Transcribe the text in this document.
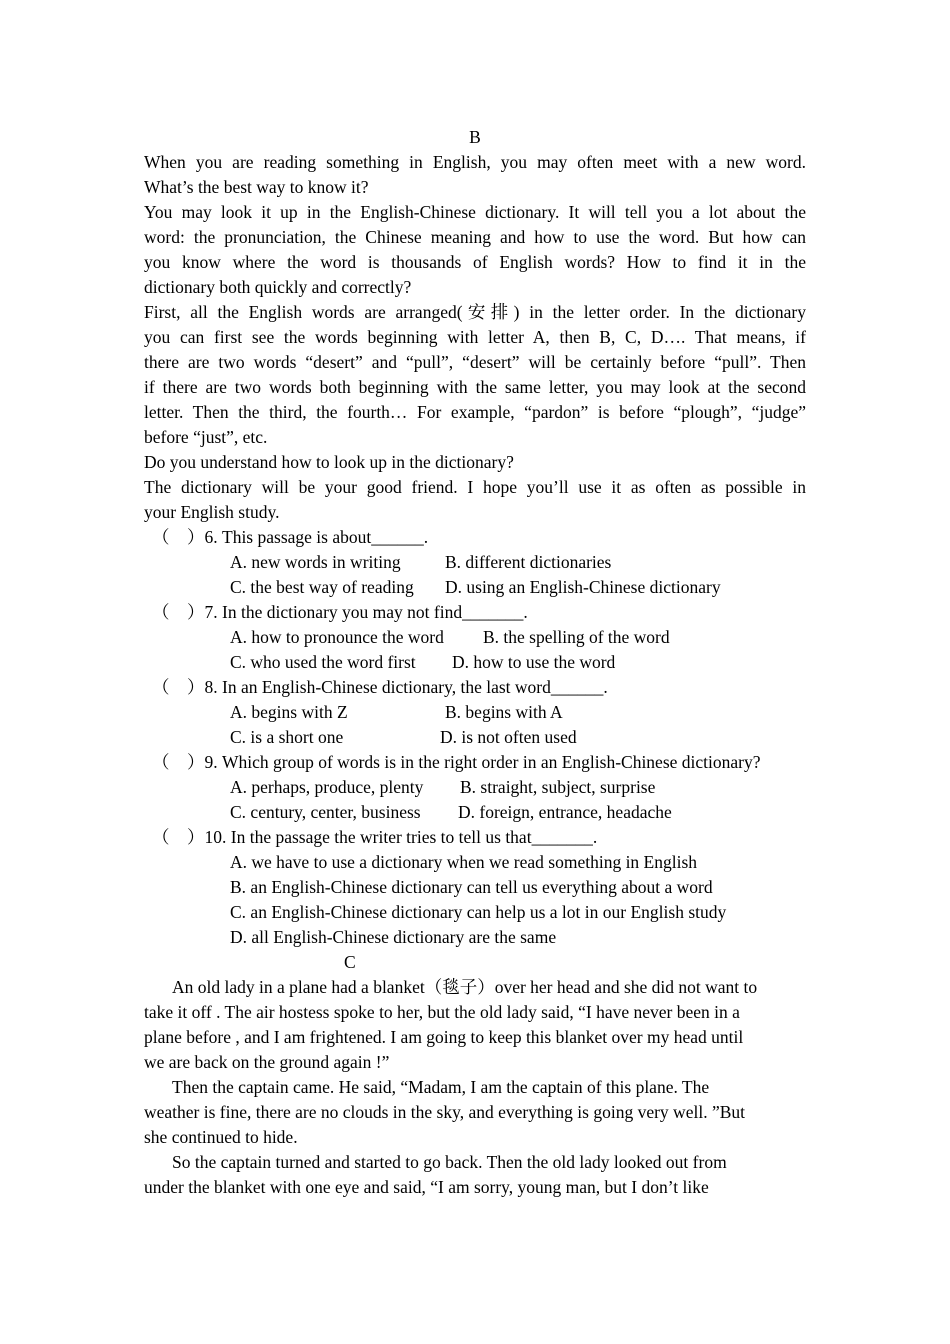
B
When you are reading something in English, you may often meet with a new word.
What’s the best way to know it?
You may look it up in the English-Chinese dictionary. It will tell you a lot about the
word: the pronunciation, the Chinese meaning and how to use the word. But how can
you know where the word is thousands of English words? How to find it in the
dictionary both quickly and correctly?
First, all the English words are arranged(安排) in the letter order. In the dictionary
you can first see the words beginning with letter A, then B, C, D…. That means, if
there are two words “desert” and “pull”, “desert” will be certainly before “pull”. Then
if there are two words both beginning with the same letter, you may look at the second
letter. Then the third, the fourth… For example, “pardon” is before “plough”, “judge”
before “just”, etc.
Do you understand how to look up in the dictionary?
The dictionary will be your good friend. I hope you’ll use it as often as possible in
your English study.
（　）6. This passage is about______.
A. new words in writing	B. different dictionaries
C. the best way of reading D. using an English-Chinese dictionary
（　）7. In the dictionary you may not find_______.
A. how to pronounce the word B. the spelling of the word
C. who used the word first D. how to use the word
（　）8. In an English-Chinese dictionary, the last word______.
A. begins with Z	B. begins with A
C. is a short one	D. is not often used
（　）9. Which group of words is in the right order in an English-Chinese dictionary?
A. perhaps, produce, plenty B. straight, subject, surprise
C. century, center, business D. foreign, entrance, headache
（　）10. In the passage the writer tries to tell us that_______.
A. we have to use a dictionary when we read something in English
B. an English-Chinese dictionary can tell us everything about a word
C. an English-Chinese dictionary can help us a lot in our English study
D. all English-Chinese dictionary are the same
C
An old lady in a plane had a blanket（毯子）over her head and she did not want to
take it off . The air hostess spoke to her, but the old lady said, “I have never been in a
plane before , and I am frightened. I am going to keep this blanket over my head until
we are back on the ground again !”
Then the captain came. He said, “Madam, I am the captain of this plane. The
weather is fine, there are no clouds in the sky, and everything is going very well. ”But
she continued to hide.
So the captain turned and started to go back. Then the old lady looked out from
under the blanket with one eye and said, “I am sorry, young man, but I don’t like
